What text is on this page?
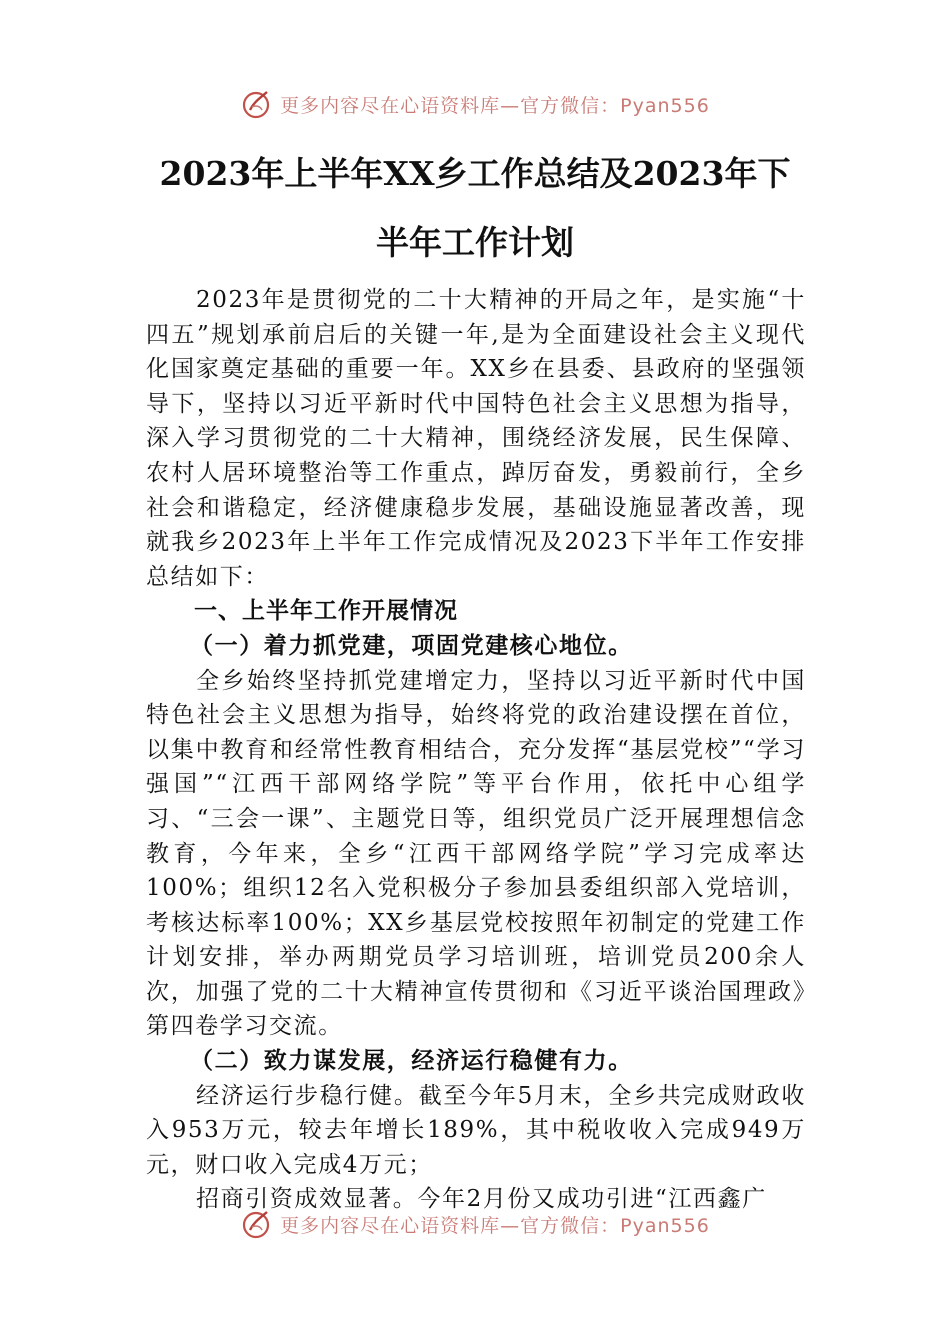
更多内容尽在心语资料库—官方微信：Pyan556
2023年上半年XX乡工作总结及2023年下
半年工作计划

2023年是贯彻党的二十大精神的开局之年，是实施“十四五”规划承前启后的关键一年,是为全面建设社会主义现代化国家奠定基础的重要一年。XX乡在县委、县政府的坚强领导下，坚持以习近平新时代中国特色社会主义思想为指导，深入学习贯彻党的二十大精神，围绕经济发展，民生保障、农村人居环境整治等工作重点，踔厉奋发，勇毅前行，全乡社会和谐稳定，经济健康稳步发展，基础设施显著改善，现就我乡2023年上半年工作完成情况及2023下半年工作安排总结如下：

一、上半年工作开展情况

（一）着力抓党建，项固党建核心地位。

全乡始终坚持抓党建增定力，坚持以习近平新时代中国特色社会主义思想为指导，始终将党的政治建设摆在首位，以集中教育和经常性教育相结合，充分发挥“基层党校”“学习强国”“江西干部网络学院”等平台作用，依托中心组学习、“三会一课”、主题党日等，组织党员广泛开展理想信念教育，今年来，全乡“江西干部网络学院”学习完成率达100%；组织12名入党积极分子参加县委组织部入党培训，考核达标率100%；XX乡基层党校按照年初制定的党建工作计划安排，举办两期党员学习培训班，培训党员200余人次，加强了党的二十大精神宣传贯彻和《习近平谈治国理政》第四卷学习交流。

（二）致力谋发展，经济运行稳健有力。

经济运行步稳行健。截至今年5月末，全乡共完成财政收入953万元，较去年增长189%，其中税收收入完成949万元，财口收入完成4万元；

招商引资成效显著。今年2月份又成功引进“江西鑫广

更多内容尽在心语资料库—官方微信：Pyan556
